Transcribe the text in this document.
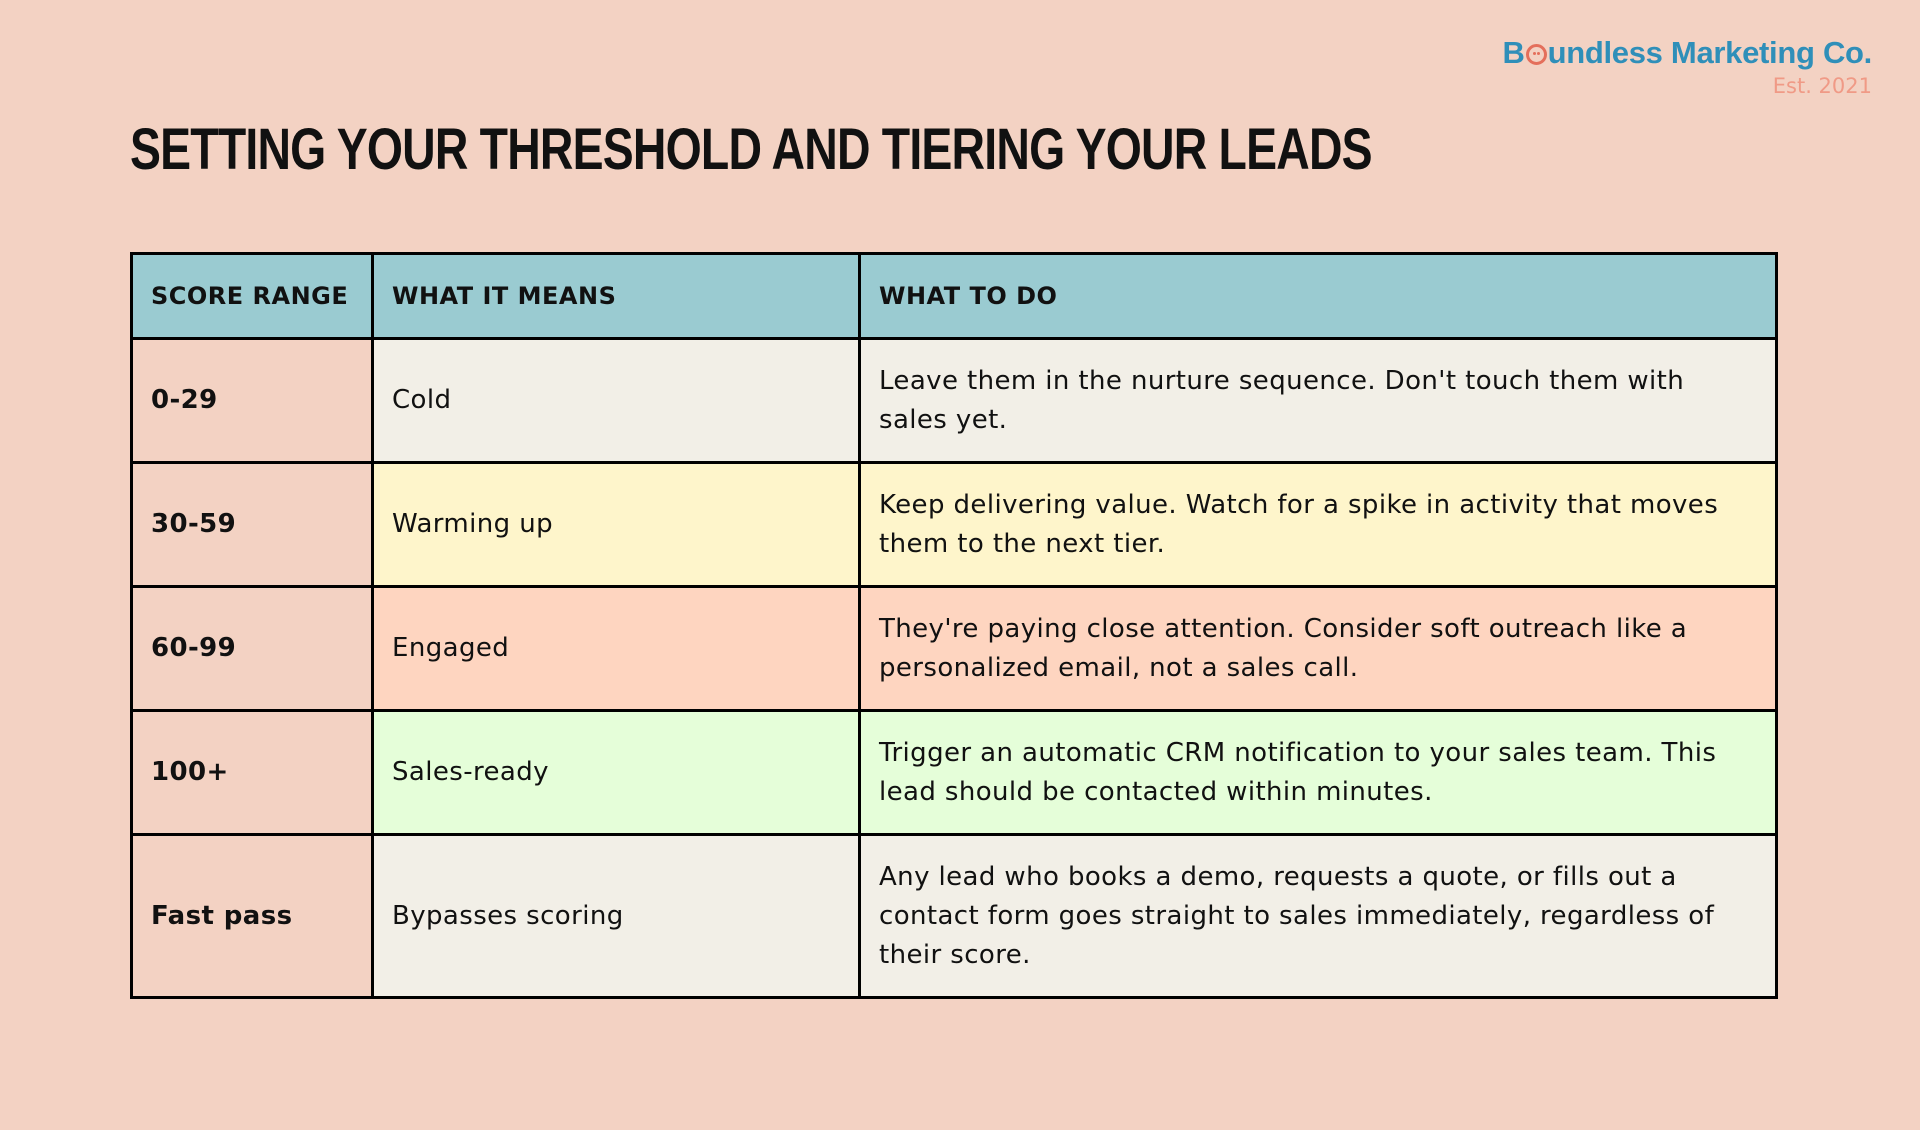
B undless Marketing Co.
Est. 2021
SETTING YOUR THRESHOLD AND TIERING YOUR LEADS
SCORE RANGE	WHAT IT MEANS	WHAT TO DO
0-29	Cold	Leave them in the nurture sequence. Don't touch them with sales yet.
30-59	Warming up	Keep delivering value. Watch for a spike in activity that moves them to the next tier.
60-99	Engaged	They're paying close attention. Consider soft outreach like a personalized email, not a sales call.
100+	Sales-ready	Trigger an automatic CRM notification to your sales team. This lead should be contacted within minutes.
Fast pass	Bypasses scoring	Any lead who books a demo, requests a quote, or fills out a contact form goes straight to sales immediately, regardless of their score.
